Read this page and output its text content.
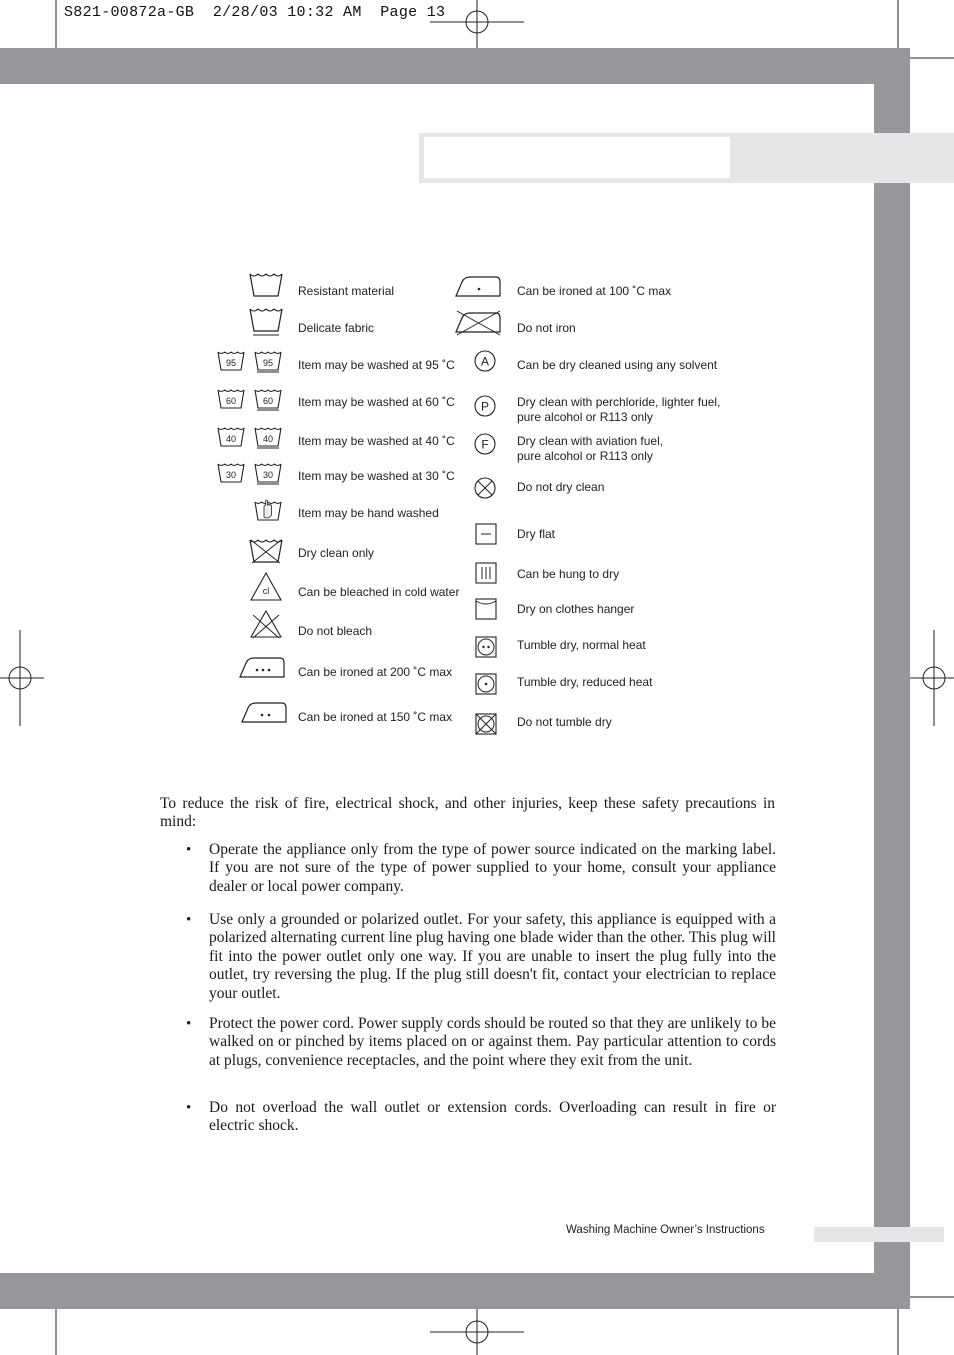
S821-00872a-GB  2/28/03 10:32 AM  Page 13
Resistant material
Delicate fabric
95	95 Item may be washed at 95 ˚C
60	60 Item may be washed at 60 ˚C
40	40 Item may be washed at 40 ˚C
30	30 Item may be washed at 30 ˚C
Item may be hand washed
Dry clean only
cl Can be bleached in cold water
Do not bleach
Can be ironed at 200 ˚C max
Can be ironed at 150 ˚C max
Can be ironed at 100 ˚C max
Do not iron
A Can be dry cleaned using any solvent
P Dry clean with perchloride, lighter fuel,
pure alcohol or R113 only
F Dry clean with aviation fuel,
pure alcohol or R113 only
Do not dry clean
Dry flat
Can be hung to dry
Dry on clothes hanger
Tumble dry, normal heat
Tumble dry, reduced heat
Do not tumble dry
To reduce the risk of fire, electrical shock, and other injuries, keep these safety precautions in mind:
• Operate the appliance only from the type of power source indicated on the marking label. If you are not sure of the type of power supplied to your home, consult your appliance dealer or local power company.
• Use only a grounded or polarized outlet. For your safety, this appliance is equipped with a polarized alternating current line plug having one blade wider than the other. This plug will fit into the power outlet only one way. If you are unable to insert the plug fully into the outlet, try reversing the plug. If the plug still doesn't fit, contact your electrician to replace your outlet.
• Protect the power cord. Power supply cords should be routed so that they are unlikely to be walked on or pinched by items placed on or against them. Pay particular attention to cords at plugs, convenience receptacles, and the point where they exit from the unit.
• Do not overload the wall outlet or extension cords. Overloading can result in fire or electric shock.
Washing Machine Owner’s Instructions
